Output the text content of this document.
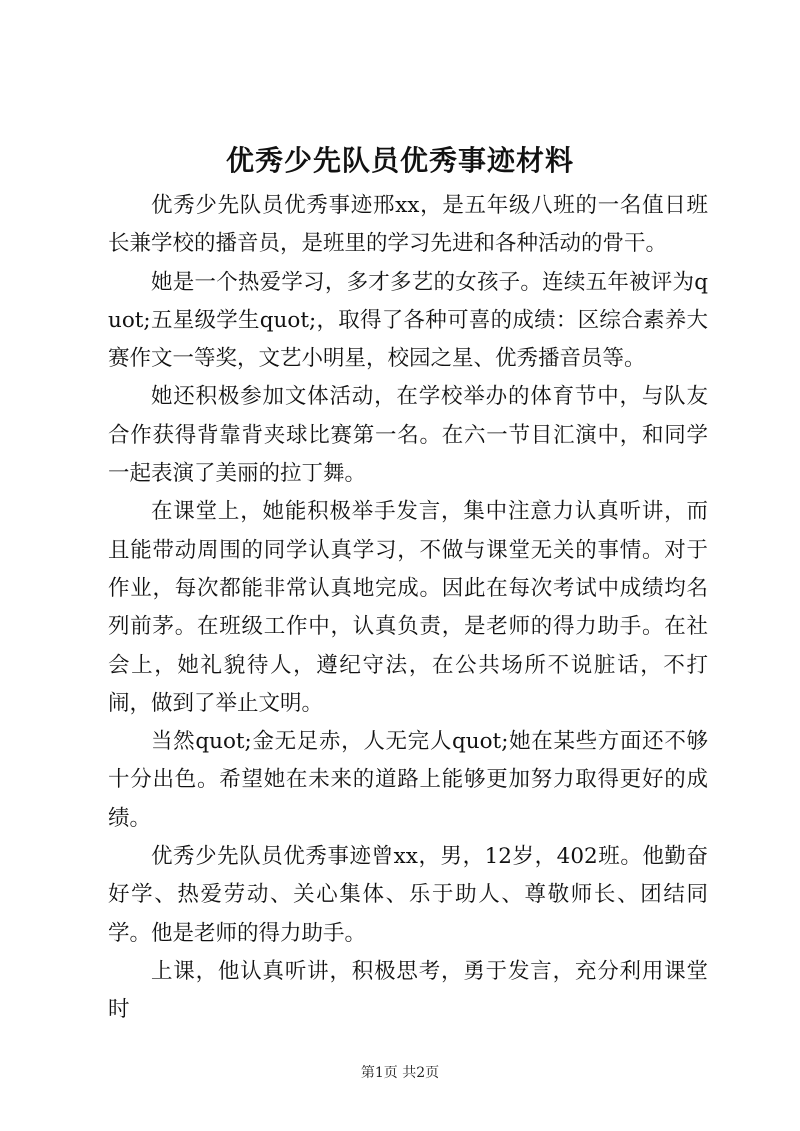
优秀少先队员优秀事迹材料

优秀少先队员优秀事迹邢xx，是五年级八班的一名值日班长兼学校的播音员，是班里的学习先进和各种活动的骨干。

她是一个热爱学习，多才多艺的女孩子。连续五年被评为quot;五星级学生quot;，取得了各种可喜的成绩：区综合素养大赛作文一等奖，文艺小明星，校园之星、优秀播音员等。

她还积极参加文体活动，在学校举办的体育节中，与队友合作获得背靠背夹球比赛第一名。在六一节目汇演中，和同学一起表演了美丽的拉丁舞。

在课堂上，她能积极举手发言，集中注意力认真听讲，而且能带动周围的同学认真学习，不做与课堂无关的事情。对于作业，每次都能非常认真地完成。因此在每次考试中成绩均名列前茅。在班级工作中，认真负责，是老师的得力助手。在社会上，她礼貌待人，遵纪守法，在公共场所不说脏话，不打闹，做到了举止文明。

当然quot;金无足赤，人无完人quot;她在某些方面还不够十分出色。希望她在未来的道路上能够更加努力取得更好的成绩。

优秀少先队员优秀事迹曾xx，男，12岁，402班。他勤奋好学、热爱劳动、关心集体、乐于助人、尊敬师长、团结同学。他是老师的得力助手。

上课，他认真听讲，积极思考，勇于发言，充分利用课堂时

第1页 共2页
